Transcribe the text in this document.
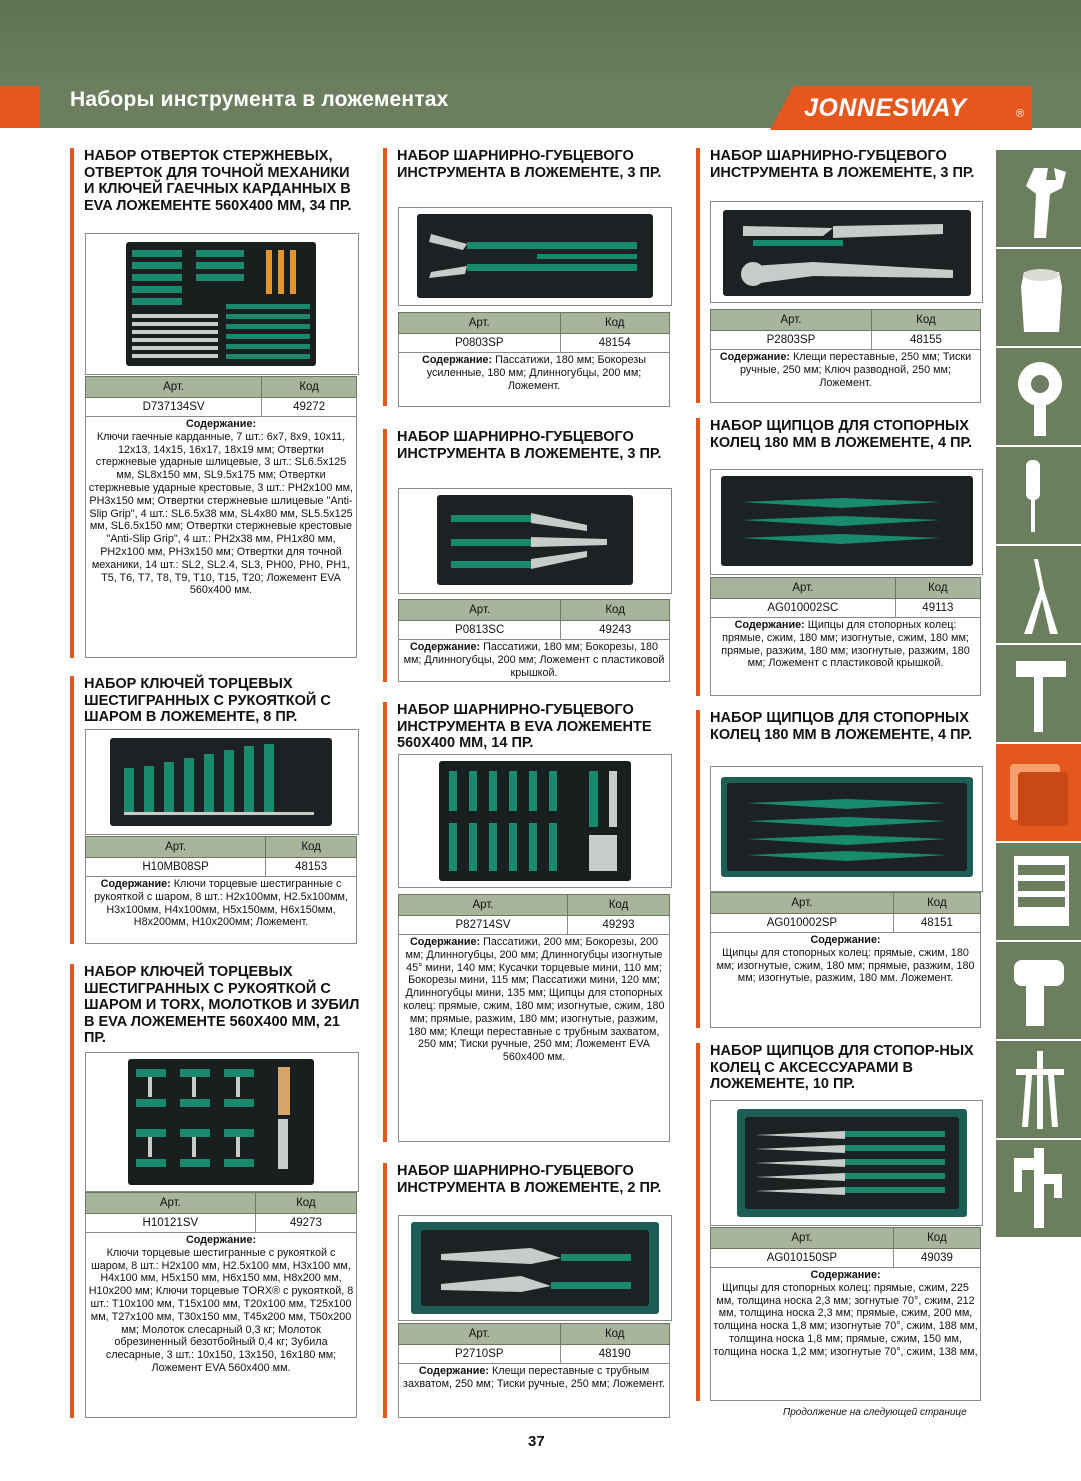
Наборы инструмента в ложементах	JONNESWAY	®
НАБОР ОТВЕРТОК СТЕРЖНЕВЫХ, ОТВЕРТОК ДЛЯ ТОЧНОЙ МЕХАНИКИ И КЛЮЧЕЙ ГАЕЧНЫХ КАРДАННЫХ В EVA ЛОЖЕМЕНТЕ 560Х400 ММ, 34 ПР.
Арт.	Код
D737134SV	49272
Содержание:
Ключи гаечные карданные, 7 шт.: 6х7, 8х9, 10х11, 12х13, 14х15, 16х17, 18х19 мм; Отвертки стержневые ударные шлицевые, 3 шт.: SL6.5х125 мм, SL8х150 мм, SL9.5х175 мм; Отвертки стержневые ударные крестовые, 3 шт.: PH2х100 мм, PH3х150 мм; Отвертки стержневые шлицевые "Anti-Slip Grip", 4 шт.: SL6.5х38 мм, SL4х80 мм, SL5.5х125 мм, SL6.5х150 мм; Отвертки стержневые крестовые "Anti-Slip Grip", 4 шт.: PH2х38 мм, PH1х80 мм, PH2х100 мм, PH3х150 мм; Отвертки для точной механики, 14 шт.: SL2, SL2.4, SL3, PH00, PH0, PH1, T5, T6, T7, T8, T9, T10, T15, T20; Ложемент EVA 560х400 мм.
НАБОР КЛЮЧЕЙ ТОРЦЕВЫХ ШЕСТИГРАННЫХ С РУКОЯТКОЙ С ШАРОМ В ЛОЖЕМЕНТЕ, 8 ПР.
Арт.	Код
H10MB08SP	48153
Содержание: Ключи торцевые шестигранные с рукояткой с шаром, 8 шт.: H2х100мм, H2.5х100мм, H3х100мм, H4х100мм, H5х150мм, H6х150мм, H8х200мм, H10х200мм; Ложемент.
НАБОР КЛЮЧЕЙ ТОРЦЕВЫХ ШЕСТИГРАННЫХ С РУКОЯТКОЙ С ШАРОМ И TORX, МОЛОТКОВ И ЗУБИЛ В EVA ЛОЖЕМЕНТЕ 560Х400 ММ, 21 ПР.
Арт.	Код
H10121SV	49273
Содержание:
Ключи торцевые шестигранные с рукояткой с шаром, 8 шт.: H2х100 мм, H2.5х100 мм, H3х100 мм, H4х100 мм, H5х150 мм, H6х150 мм, H8х200 мм, H10х200 мм; Ключи торцевые TORX® с рукояткой, 8 шт.: T10х100 мм, T15х100 мм, T20х100 мм, T25х100 мм, T27х100 мм, T30х150 мм, T45х200 мм, T50х200 мм; Молоток слесарный 0,3 кг; Молоток обрезиненный безотбойный 0,4 кг; Зубила слесарные, 3 шт.: 10х150, 13х150, 16х180 мм; Ложемент EVA 560х400 мм.
НАБОР ШАРНИРНО-ГУБЦЕВОГО ИНСТРУМЕНТА В ЛОЖЕМЕНТЕ, 3 ПР.
Арт.	Код
P0803SP	48154
Содержание: Пассатижи, 180 мм; Бокорезы усиленные, 180 мм; Длинногубцы, 200 мм; Ложемент.
НАБОР ШАРНИРНО-ГУБЦЕВОГО ИНСТРУМЕНТА В ЛОЖЕМЕНТЕ, 3 ПР.
Арт.	Код
P0813SC	49243
Содержание: Пассатижи, 180 мм; Бокорезы, 180 мм; Длинногубцы, 200 мм; Ложемент с пластиковой крышкой.
НАБОР ШАРНИРНО-ГУБЦЕВОГО ИНСТРУМЕНТА В EVA ЛОЖЕМЕНТЕ 560Х400 ММ, 14 ПР.
Арт.	Код
P82714SV	49293
Содержание: Пассатижи, 200 мм; Бокорезы, 200 мм; Длинногубцы, 200 мм; Длинногубцы изогнутые 45° мини, 140 мм; Кусачки торцевые мини, 110 мм; Бокорезы мини, 115 мм; Пассатижи мини, 120 мм; Длинногубцы мини, 135 мм; Щипцы для стопорных колец: прямые, сжим, 180 мм; изогнутые, сжим, 180 мм; прямые, разжим, 180 мм; изогнутые, разжим, 180 мм; Клещи переставные с трубным захватом, 250 мм; Тиски ручные, 250 мм; Ложемент EVA 560х400 мм.
НАБОР ШАРНИРНО-ГУБЦЕВОГО ИНСТРУМЕНТА В ЛОЖЕМЕНТЕ, 2 ПР.
Арт.	Код
P2710SP	48190
Содержание: Клещи переставные с трубным захватом, 250 мм; Тиски ручные, 250 мм; Ложемент.
НАБОР ШАРНИРНО-ГУБЦЕВОГО ИНСТРУМЕНТА В ЛОЖЕМЕНТЕ, 3 ПР.
Арт.	Код
P2803SP	48155
Содержание: Клещи переставные, 250 мм; Тиски ручные, 250 мм; Ключ разводной, 250 мм; Ложемент.
НАБОР ЩИПЦОВ ДЛЯ СТОПОРНЫХ КОЛЕЦ 180 ММ В ЛОЖЕМЕНТЕ, 4 ПР.
Арт.	Код
AG010002SC	49113
Содержание: Щипцы для стопорных колец: прямые, сжим, 180 мм; изогнутые, сжим, 180 мм; прямые, разжим, 180 мм; изогнутые, разжим, 180 мм; Ложемент с пластиковой крышкой.
НАБОР ЩИПЦОВ ДЛЯ СТОПОРНЫХ КОЛЕЦ 180 ММ В ЛОЖЕМЕНТЕ, 4 ПР.
Арт.	Код
AG010002SP	48151
Содержание:
Щипцы для стопорных колец: прямые, сжим, 180 мм; изогнутые, сжим, 180 мм; прямые, разжим, 180 мм; изогнутые, разжим, 180 мм. Ложемент.
НАБОР ЩИПЦОВ ДЛЯ СТОПОР-НЫХ КОЛЕЦ С АКСЕССУАРАМИ В ЛОЖЕМЕНТЕ, 10 ПР.
Арт.	Код
AG010150SP	49039
Содержание:
Щипцы для стопорных колец: прямые, сжим, 225 мм, толщина носка 2,3 мм; зогнутые 70°, сжим, 212 мм, толщина носка 2,3 мм; прямые, сжим, 200 мм, толщина носка 1,8 мм; изогнутые 70°, сжим, 188 мм, толщина носка 1,8 мм; прямые, сжим, 150 мм, толщина носка 1,2 мм; изогнутые 70°, сжим, 138 мм,
Продолжение на следующей странице
37
